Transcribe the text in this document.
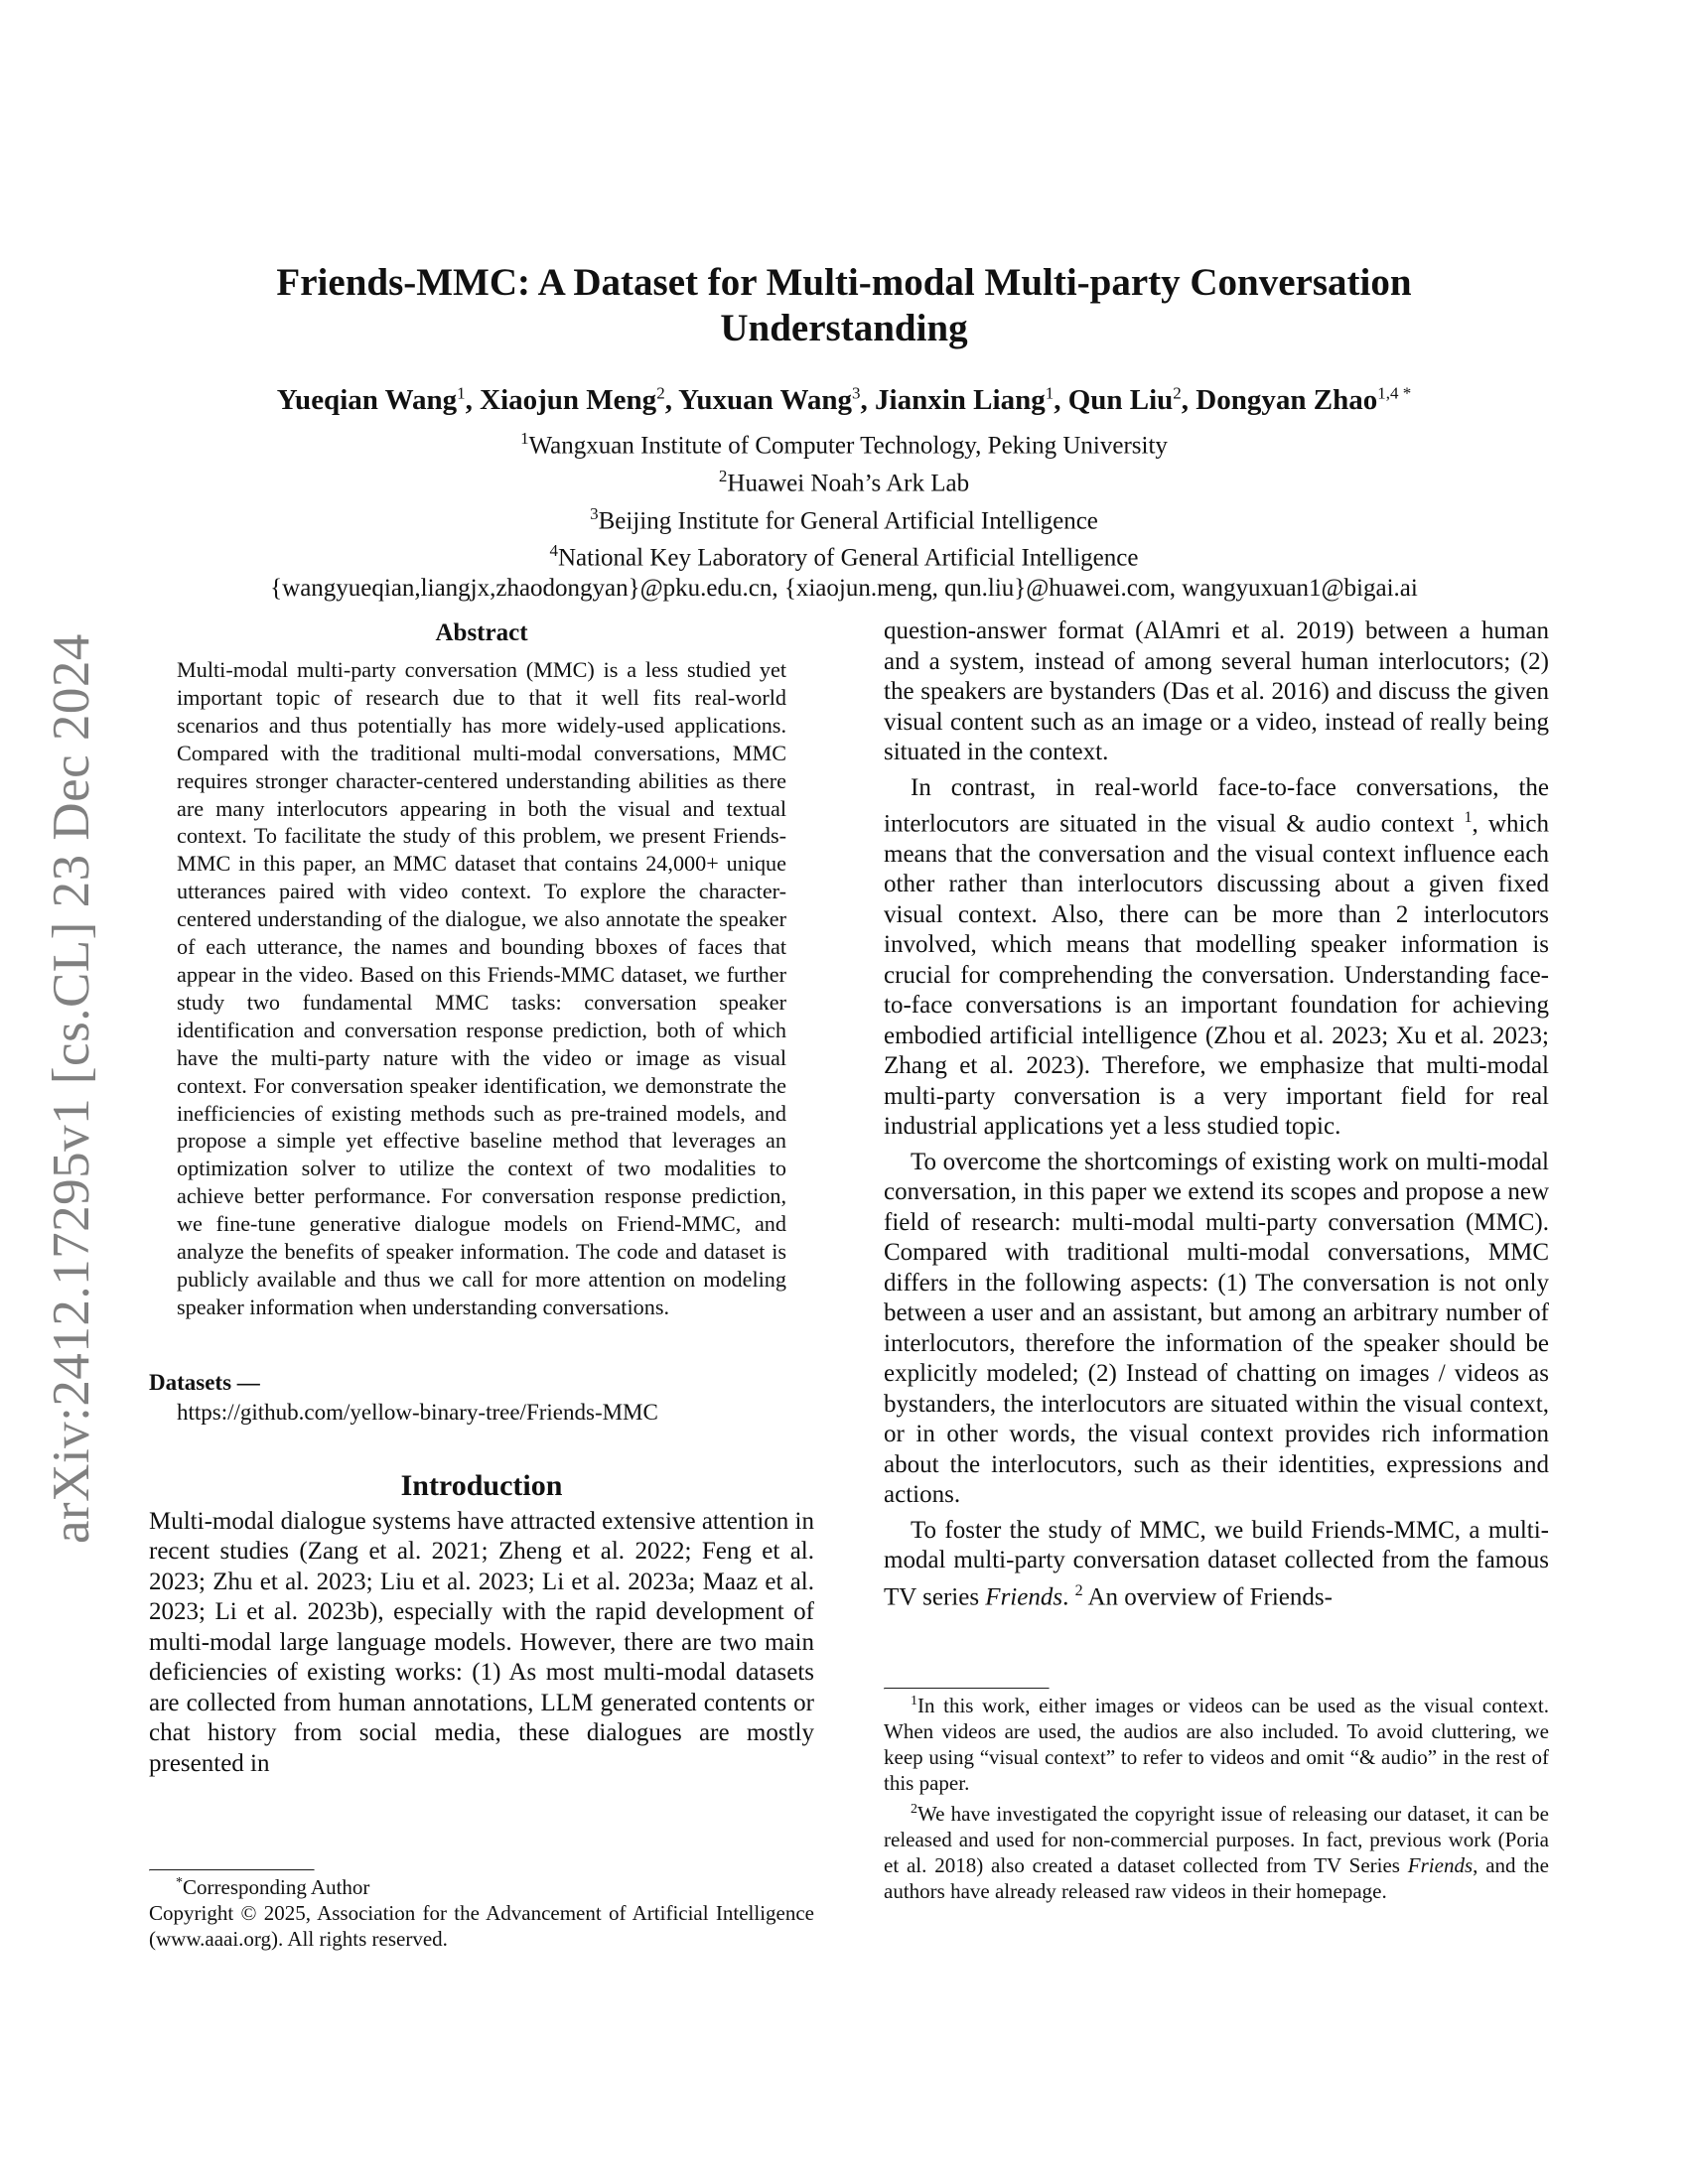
arXiv:2412.17295v1 [cs.CL] 23 Dec 2024
Friends-MMC: A Dataset for Multi-modal Multi-party Conversation
Understanding
Yueqian Wang$^1$, Xiaojun Meng$^2$, Yuxuan Wang$^3$, Jianxin Liang$^1$, Qun Liu$^2$, Dongyan Zhao$^{1,4 *}$
$^1$Wangxuan Institute of Computer Technology, Peking University
$^2$Huawei Noah’s Ark Lab
$^3$Beijing Institute for General Artificial Intelligence
$^4$National Key Laboratory of General Artificial Intelligence
{wangyueqian,liangjx,zhaodongyan}@pku.edu.cn, {xiaojun.meng, qun.liu}@huawei.com, wangyuxuan1@bigai.ai
Abstract

Multi-modal multi-party conversation (MMC) is a less studied yet important topic of research due to that it well fits real-world scenarios and thus potentially has more widely-used applications. Compared with the traditional multi-modal conversations, MMC requires stronger character-centered understanding abilities as there are many interlocutors appearing in both the visual and textual context. To facilitate the study of this problem, we present Friends-MMC in this paper, an MMC dataset that contains 24,000+ unique utterances paired with video context. To explore the character-centered understanding of the dialogue, we also annotate the speaker of each utterance, the names and bounding bboxes of faces that appear in the video. Based on this Friends-MMC dataset, we further study two fundamental MMC tasks: conversation speaker identification and conversation response prediction, both of which have the multi-party nature with the video or image as visual context. For conversation speaker identification, we demonstrate the inefficiencies of existing methods such as pre-trained models, and propose a simple yet effective baseline method that leverages an optimization solver to utilize the context of two modalities to achieve better performance. For conversation response prediction, we fine-tune generative dialogue models on Friend-MMC, and analyze the benefits of speaker information. The code and dataset is publicly available and thus we call for more attention on modeling speaker information when understanding conversations.

Datasets —
https://github.com/yellow-binary-tree/Friends-MMC
Introduction

Multi-modal dialogue systems have attracted extensive attention in recent studies (Zang et al. 2021; Zheng et al. 2022; Feng et al. 2023; Zhu et al. 2023; Liu et al. 2023; Li et al. 2023a; Maaz et al. 2023; Li et al. 2023b), especially with the rapid development of multi-modal large language models. However, there are two main deficiencies of existing works: (1) As most multi-modal datasets are collected from human annotations, LLM generated contents or chat history from social media, these dialogues are mostly presented in

*Corresponding Author

Copyright © 2025, Association for the Advancement of Artificial Intelligence (www.aaai.org). All rights reserved.

question-answer format (AlAmri et al. 2019) between a human and a system, instead of among several human interlocutors; (2) the speakers are bystanders (Das et al. 2016) and discuss the given visual content such as an image or a video, instead of really being situated in the context.

In contrast, in real-world face-to-face conversations, the interlocutors are situated in the visual & audio context $^1$, which means that the conversation and the visual context influence each other rather than interlocutors discussing about a given fixed visual context. Also, there can be more than 2 interlocutors involved, which means that modelling speaker information is crucial for comprehending the conversation. Understanding face-to-face conversations is an important foundation for achieving embodied artificial intelligence (Zhou et al. 2023; Xu et al. 2023; Zhang et al. 2023). Therefore, we emphasize that multi-modal multi-party conversation is a very important field for real industrial applications yet a less studied topic.

To overcome the shortcomings of existing work on multi-modal conversation, in this paper we extend its scopes and propose a new field of research: multi-modal multi-party conversation (MMC). Compared with traditional multi-modal conversations, MMC differs in the following aspects: (1) The conversation is not only between a user and an assistant, but among an arbitrary number of interlocutors, therefore the information of the speaker should be explicitly modeled; (2) Instead of chatting on images / videos as bystanders, the interlocutors are situated within the visual context, or in other words, the visual context provides rich information about the interlocutors, such as their identities, expressions and actions.

To foster the study of MMC, we build Friends-MMC, a multi-modal multi-party conversation dataset collected from the famous TV series Friends. $^2$ An overview of Friends-

$^1$In this work, either images or videos can be used as the visual context. When videos are used, the audios are also included. To avoid cluttering, we keep using “visual context” to refer to videos and omit “& audio” in the rest of this paper.

$^2$We have investigated the copyright issue of releasing our dataset, it can be released and used for non-commercial purposes. In fact, previous work (Poria et al. 2018) also created a dataset collected from TV Series Friends, and the authors have already released raw videos in their homepage.
